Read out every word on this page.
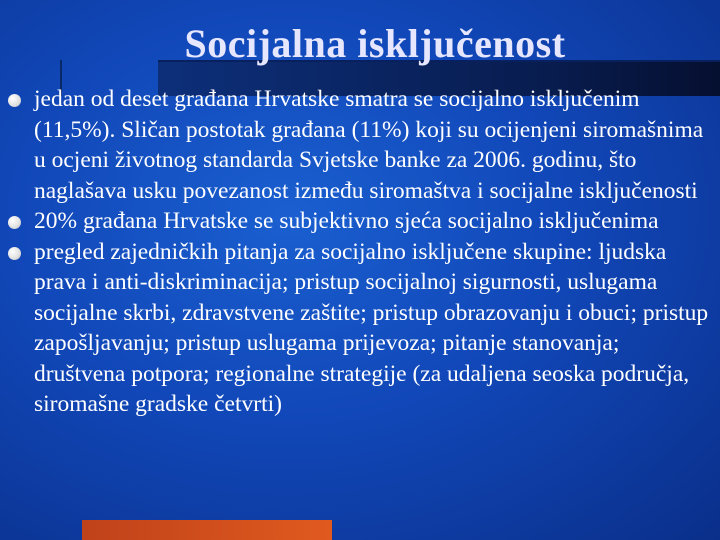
Socijalna isključenost
jedan od deset građana Hrvatske smatra se socijalno isključenim (11,5%). Sličan postotak građana (11%) koji su ocijenjeni siromašnima u ocjeni životnog standarda Svjetske banke za 2006. godinu, što naglašava usku povezanost između siromaštva i socijalne isključenosti
20% građana Hrvatske se subjektivno sjeća socijalno isključenima
pregled zajedničkih pitanja za socijalno isključene skupine: ljudska prava i anti-diskriminacija; pristup socijalnoj sigurnosti, uslugama socijalne skrbi, zdravstvene zaštite; pristup obrazovanju i obuci; pristup zapošljavanju; pristup uslugama prijevoza; pitanje stanovanja; društvena potpora; regionalne strategije (za udaljena seoska područja, siromašne gradske četvrti)
